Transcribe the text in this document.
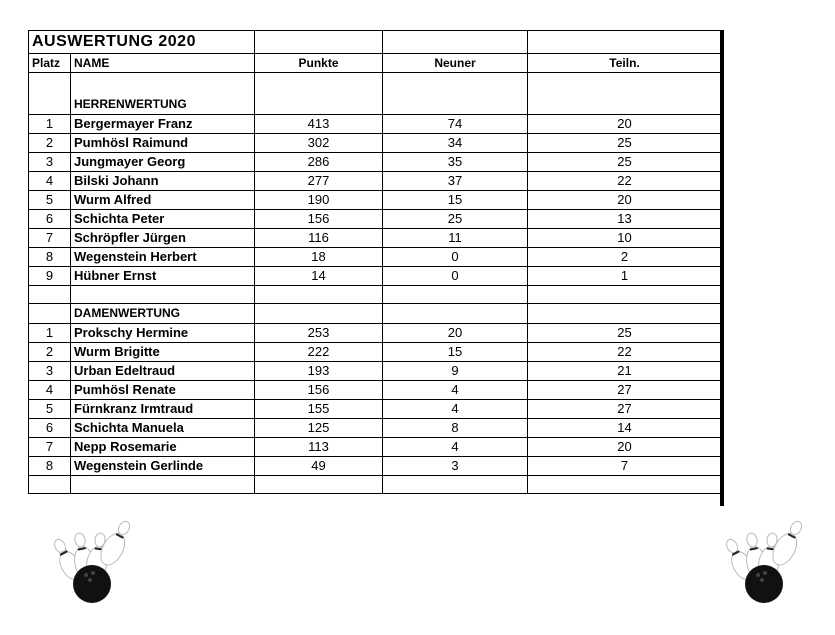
AUSWERTUNG 2020				
Platz	NAME	Punkte	Neuner	Teiln.
	HERRENWERTUNG			
1	Bergermayer Franz	413	74	20
2	Pumhösl Raimund	302	34	25
3	Jungmayer Georg	286	35	25
4	Bilski Johann	277	37	22
5	Wurm Alfred	190	15	20
6	Schichta Peter	156	25	13
7	Schröpfler Jürgen	116	11	10
8	Wegenstein Herbert	18	0	2
9	Hübner Ernst	14	0	1

	DAMENWERTUNG			
1	Prokschy Hermine	253	20	25
2	Wurm Brigitte	222	15	22
3	Urban Edeltraud	193	9	21
4	Pumhösl Renate	156	4	27
5	Fürnkranz Irmtraud	155	4	27
6	Schichta Manuela	125	8	14
7	Nepp Rosemarie	113	4	20
8	Wegenstein Gerlinde	49	3	7
